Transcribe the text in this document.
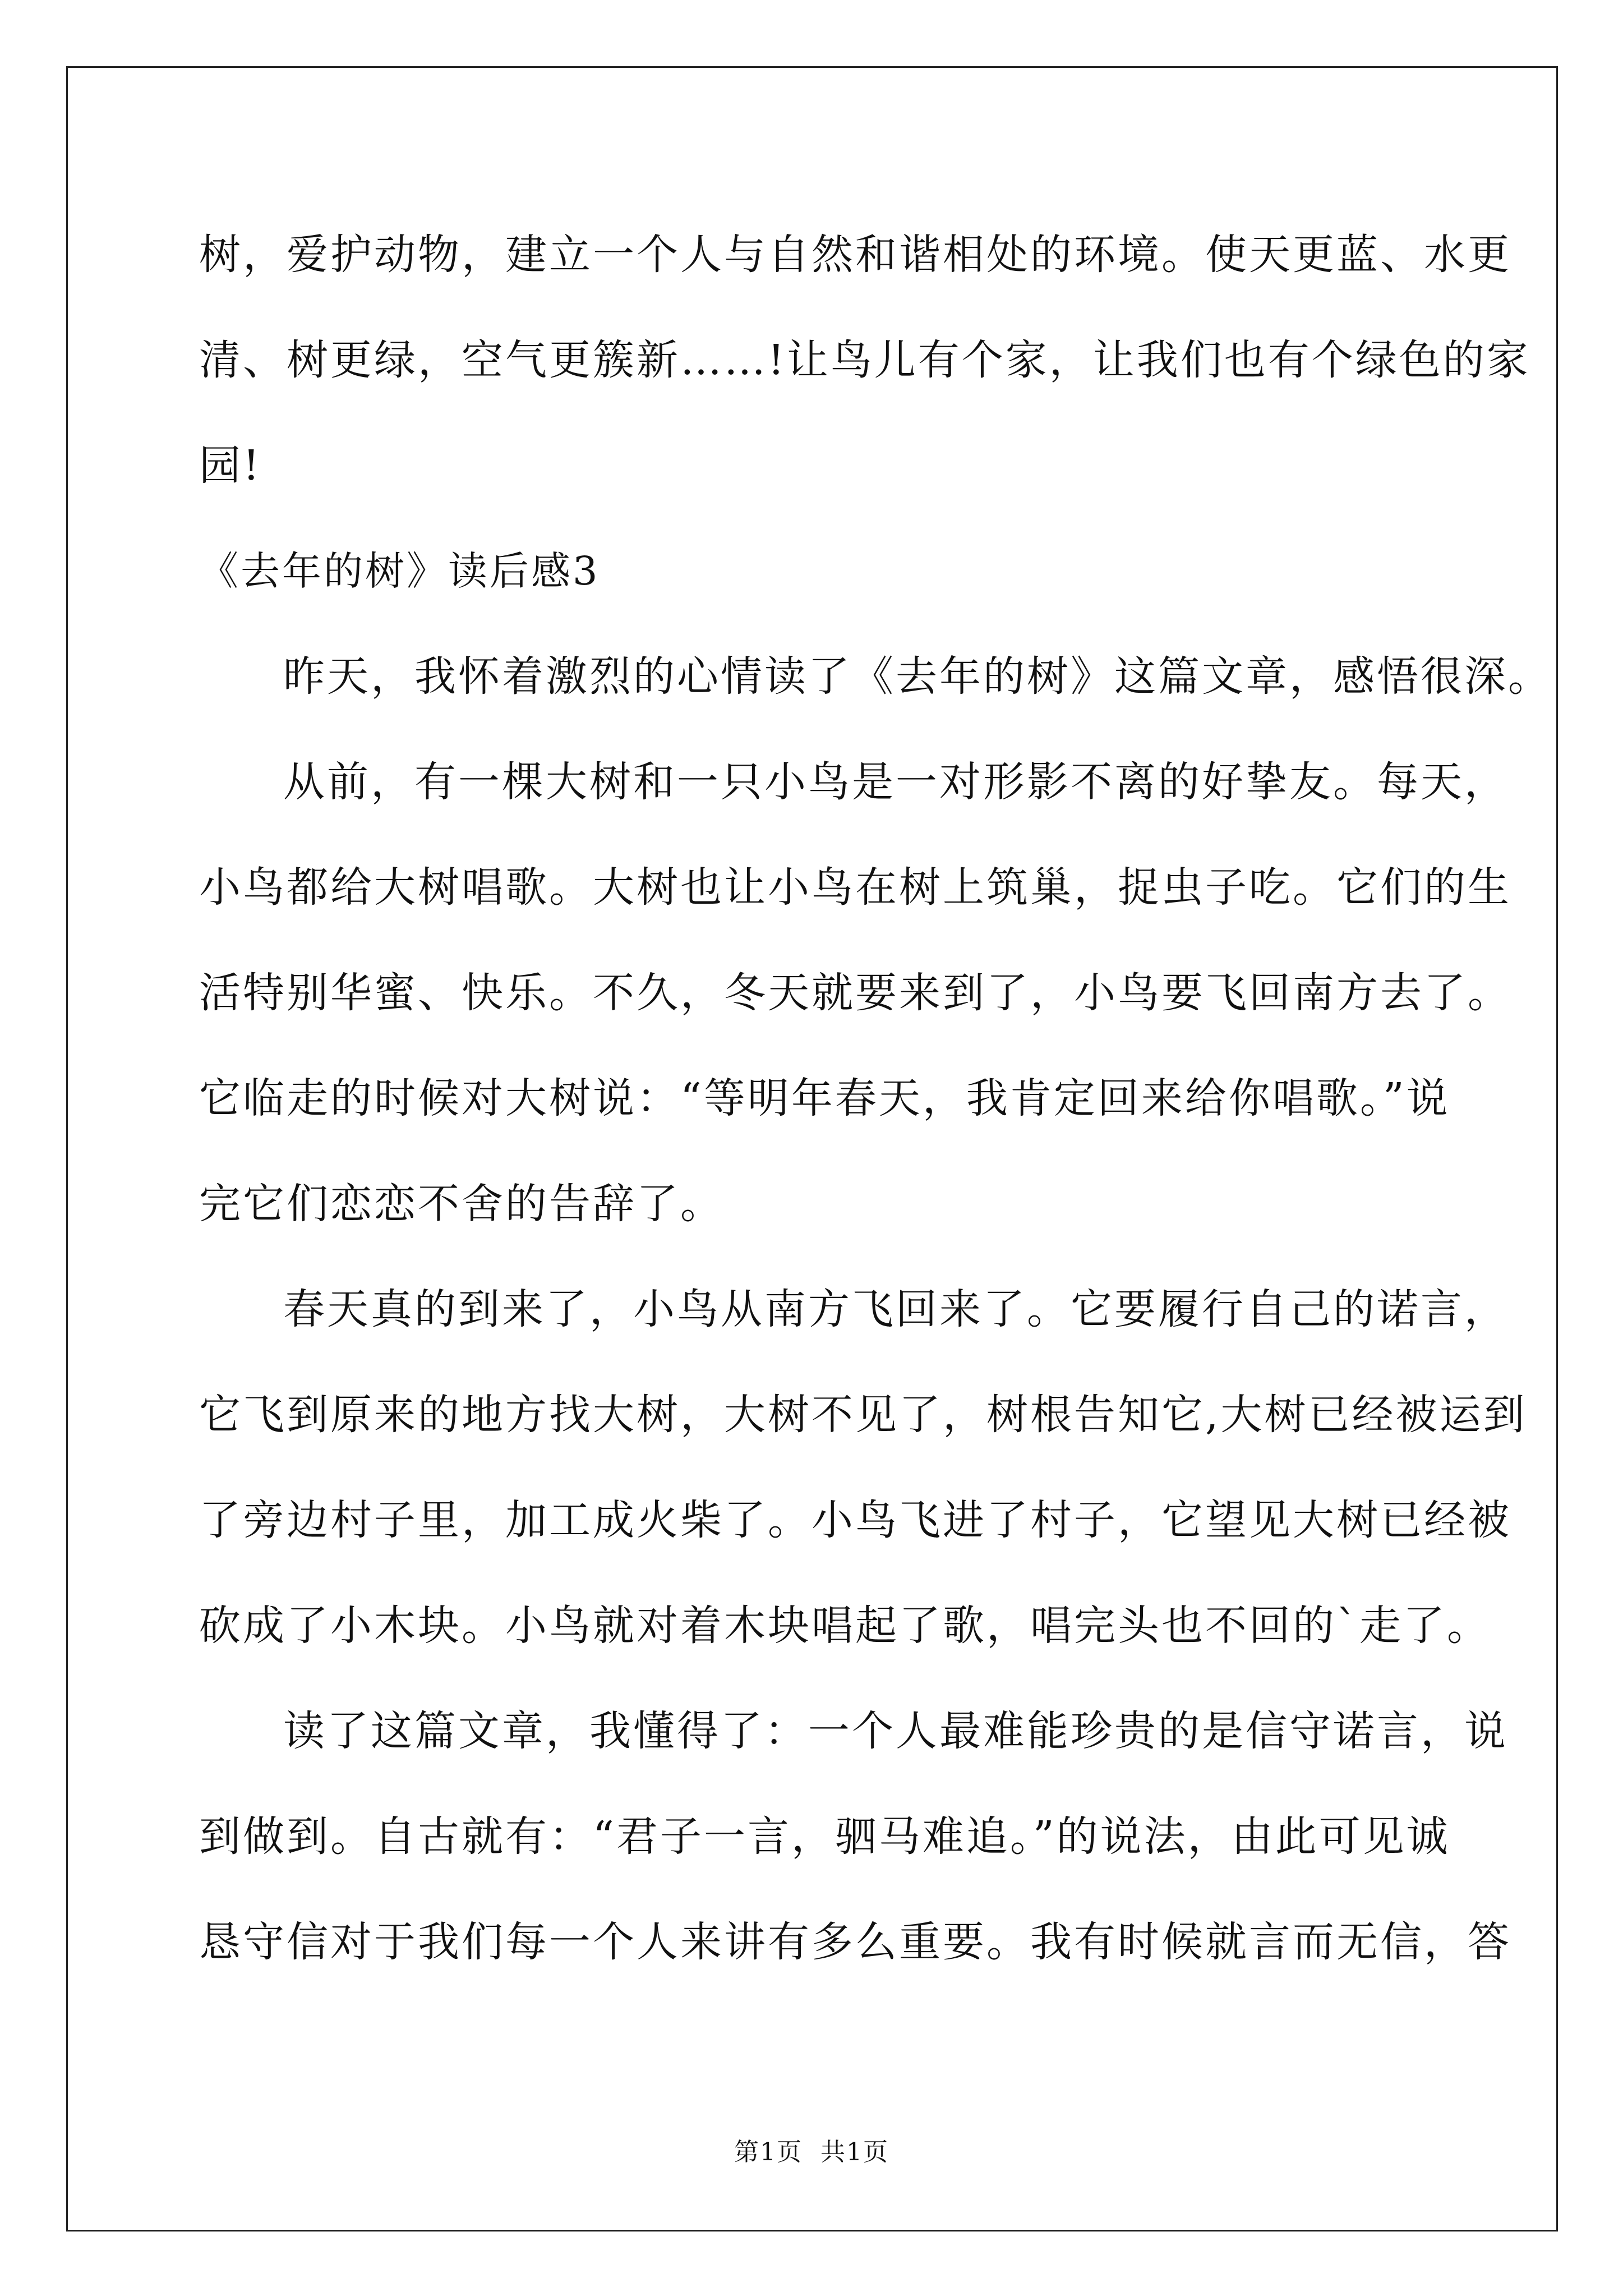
树，爱护动物，建立一个人与自然和谐相处的环境。使天更蓝、水更
清、树更绿，空气更簇新……!让鸟儿有个家，让我们也有个绿色的家
园!
《去年的树》读后感3
昨天，我怀着激烈的心情读了《去年的树》这篇文章，感悟很深。
从前，有一棵大树和一只小鸟是一对形影不离的好挚友。每天，
小鸟都给大树唱歌。大树也让小鸟在树上筑巢，捉虫子吃。它们的生
活特别华蜜、快乐。不久，冬天就要来到了，小鸟要飞回南方去了。
它临走的时候对大树说：“等明年春天，我肯定回来给你唱歌。”说
完它们恋恋不舍的告辞了。
春天真的到来了，小鸟从南方飞回来了。它要履行自己的诺言，
它飞到原来的地方找大树，大树不见了，树根告知它,大树已经被运到
了旁边村子里，加工成火柴了。小鸟飞进了村子，它望见大树已经被
砍成了小木块。小鸟就对着木块唱起了歌，唱完头也不回的`走了。
读了这篇文章，我懂得了：一个人最难能珍贵的是信守诺言，说
到做到。自古就有：“君子一言，驷马难追。”的说法，由此可见诚
恳守信对于我们每一个人来讲有多么重要。我有时候就言而无信，答
第1页 共1页
